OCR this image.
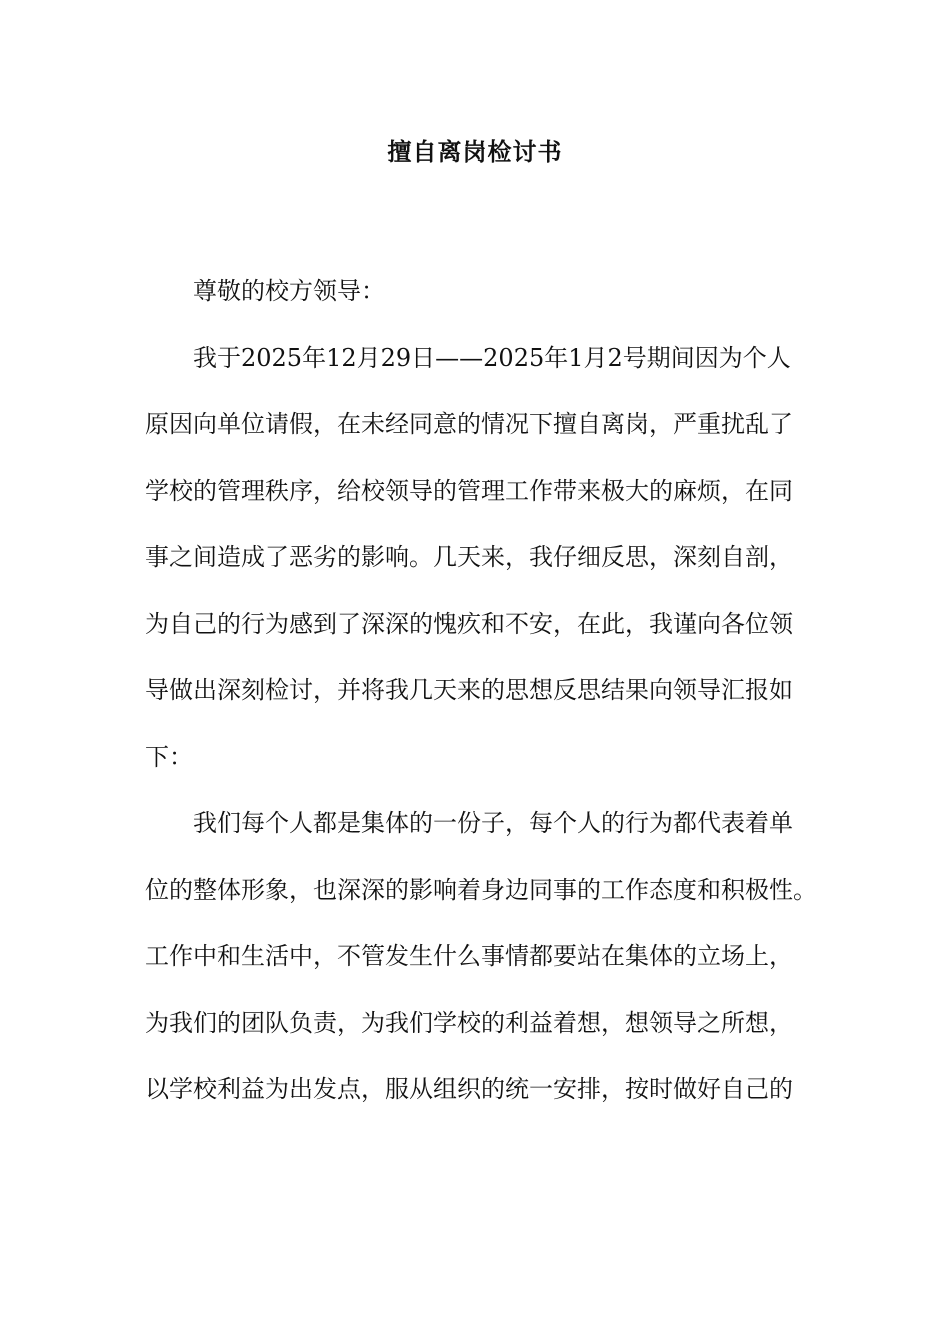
擅自离岗检讨书
尊敬的校方领导：
我于2025年12月29日——2025年1月2号期间因为个人
原因向单位请假，在未经同意的情况下擅自离岗，严重扰乱了
学校的管理秩序，给校领导的管理工作带来极大的麻烦，在同
事之间造成了恶劣的影响。几天来，我仔细反思，深刻自剖，
为自己的行为感到了深深的愧疚和不安，在此，我谨向各位领
导做出深刻检讨，并将我几天来的思想反思结果向领导汇报如
下：
我们每个人都是集体的一份子，每个人的行为都代表着单
位的整体形象，也深深的影响着身边同事的工作态度和积极性。
工作中和生活中，不管发生什么事情都要站在集体的立场上，
为我们的团队负责，为我们学校的利益着想，想领导之所想，
以学校利益为出发点，服从组织的统一安排，按时做好自己的
